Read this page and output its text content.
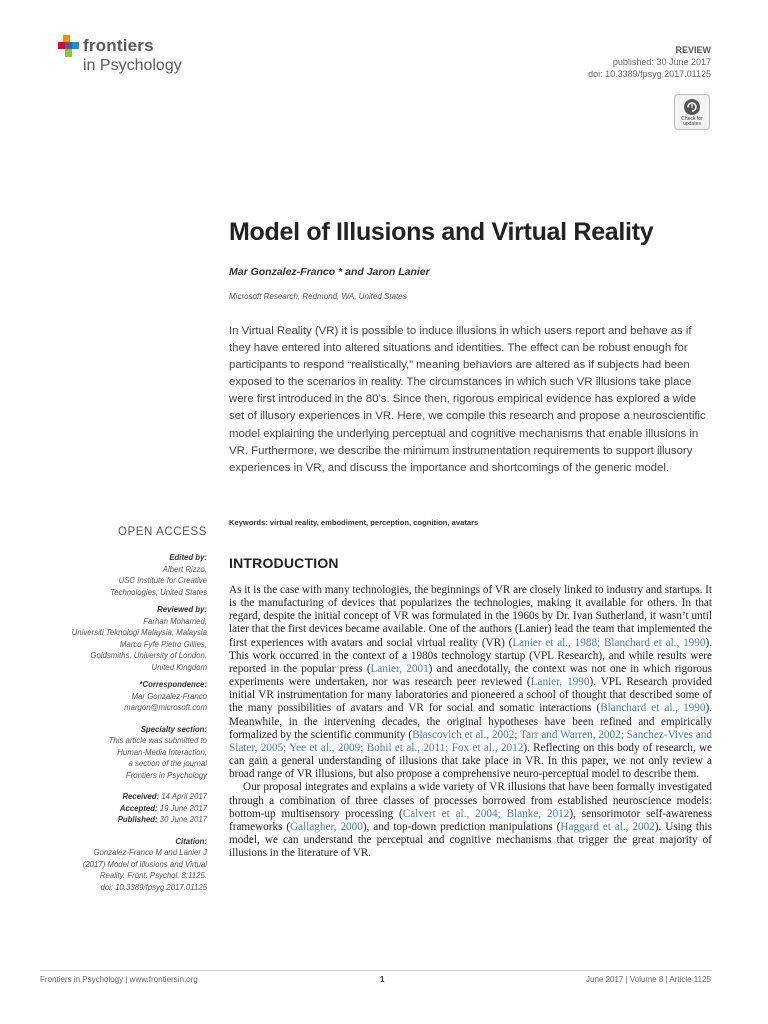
frontiers
in Psychology
REVIEW
published: 30 June 2017
doi: 10.3389/fpsyg.2017.01125
Check for
updates
Model of Illusions and Virtual Reality
Mar Gonzalez-Franco * and Jaron Lanier
Microsoft Research, Redmond, WA, United States

In Virtual Reality (VR) it is possible to induce illusions in which users report and behave as if they have entered into altered situations and identities. The effect can be robust enough for participants to respond “realistically,” meaning behaviors are altered as if subjects had been exposed to the scenarios in reality. The circumstances in which such VR illusions take place were first introduced in the 80’s. Since then, rigorous empirical evidence has explored a wide set of illusory experiences in VR. Here, we compile this research and propose a neuroscientific model explaining the underlying perceptual and cognitive mechanisms that enable illusions in VR. Furthermore, we describe the minimum instrumentation requirements to support illusory experiences in VR, and discuss the importance and shortcomings of the generic model.

Keywords: virtual reality, embodiment, perception, cognition, avatars
OPEN ACCESS
Edited by:
Albert Rizzo,
USC Institute for Creative
Technologies, United States
Reviewed by:
Farhan Mohamed,
Universiti Teknologi Malaysia, Malaysia
Marco Fyfe Pietro Gillies,
Goldsmiths, University of London,
United Kingdom
*Correspondence:
Mar Gonzalez-Franco
margon@microsoft.com
Specialty section:
This article was submitted to
Human-Media Interaction,
a section of the journal
Frontiers in Psychology
Received: 14 April 2017
Accepted: 19 June 2017
Published: 30 June 2017
Citation:
Gonzalez-Franco M and Lanier J
(2017) Model of Illusions and Virtual
Reality. Front. Psychol. 8:1125.
doi: 10.3389/fpsyg.2017.01125
INTRODUCTION

As it is the case with many technologies, the beginnings of VR are closely linked to industry and startups. It is the manufacturing of devices that popularizes the technologies, making it available for others. In that regard, despite the initial concept of VR was formulated in the 1960s by Dr. Ivan Sutherland, it wasn’t until later that the first devices became available. One of the authors (Lanier) lead the team that implemented the first experiences with avatars and social virtual reality (VR) (Lanier et al., 1988; Blanchard et al., 1990). This work occurred in the context of a 1980s technology startup (VPL Research), and while results were reported in the popular press (Lanier, 2001) and anecdotally, the context was not one in which rigorous experiments were undertaken, nor was research peer reviewed (Lanier, 1990). VPL Research provided initial VR instrumentation for many laboratories and pioneered a school of thought that described some of the many possibilities of avatars and VR for social and somatic interactions (Blanchard et al., 1990). Meanwhile, in the intervening decades, the original hypotheses have been refined and empirically formalized by the scientific community (Blascovich et al., 2002; Tarr and Warren, 2002; Sanchez-Vives and Slater, 2005; Yee et al., 2009; Bohil et al., 2011; Fox et al., 2012). Reflecting on this body of research, we can gain a general understanding of illusions that take place in VR. In this paper, we not only review a broad range of VR illusions, but also propose a comprehensive neuro-perceptual model to describe them.

Our proposal integrates and explains a wide variety of VR illusions that have been formally investigated through a combination of three classes of processes borrowed from established neuroscience models: bottom-up multisensory processing (Calvert et al., 2004; Blanke, 2012), sensorimotor self-awareness frameworks (Gallagher, 2000), and top-down prediction manipulations (Haggard et al., 2002). Using this model, we can understand the perceptual and cognitive mechanisms that trigger the great majority of illusions in the literature of VR.

Frontiers in Psychology | www.frontiersin.org	1	June 2017 | Volume 8 | Article 1125
